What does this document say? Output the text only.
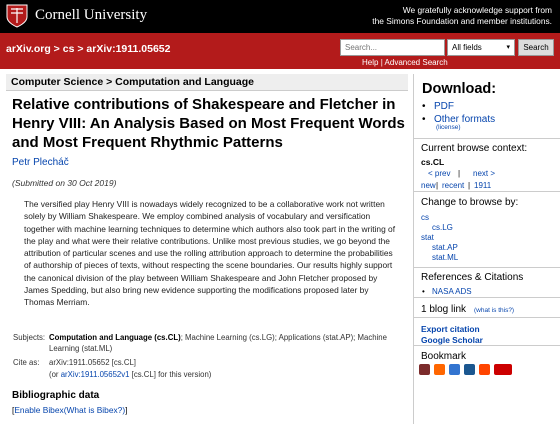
Cornell University	We gratefully acknowledge support from
the Simons Foundation and member institutions.
arXiv.org > cs > arXiv:1911.05652
Search...	All fields	▾	Search
Help | Advanced Search
Computer Science > Computation and Language
Relative contributions of Shakespeare and Fletcher in Henry VIII: An Analysis Based on Most Frequent Words and Most Frequent Rhythmic Patterns
Petr Plecháč
(Submitted on 30 Oct 2019)
The versified play Henry VIII is nowadays widely recognized to be a collaborative work not written solely by William Shakespeare. We employ combined analysis of vocabulary and versification together with machine learning techniques to determine which authors also took part in the writing of the play and what were their relative contributions. Unlike most previous studies, we go beyond the attribution of particular scenes and use the rolling attribution approach to determine the probabilities of authorship of pieces of texts, without respecting the scene boundaries. Our results highly support the canonical division of the play between William Shakespeare and John Fletcher proposed by James Spedding, but also bring new evidence supporting the modifications proposed later by Thomas Merriam.
Subjects: Computation and Language (cs.CL); Machine Learning (cs.LG); Applications (stat.AP); Machine Learning (stat.ML)
Cite as:	arXiv:1911.05652 [cs.CL]
(or arXiv:1911.05652v1 [cs.CL] for this version)
Bibliographic data
[Enable Bibex(What is Bibex?)]
Download:
• PDF
• Other formats
(license)
Current browse context:
cs.CL
< prev | next >
new | recent | 1911
Change to browse by:
cs
cs.LG
stat
stat.AP
stat.ML
References & Citations
• NASA ADS
1 blog link (what is this?)
Export citation
Google Scholar
Bookmark
